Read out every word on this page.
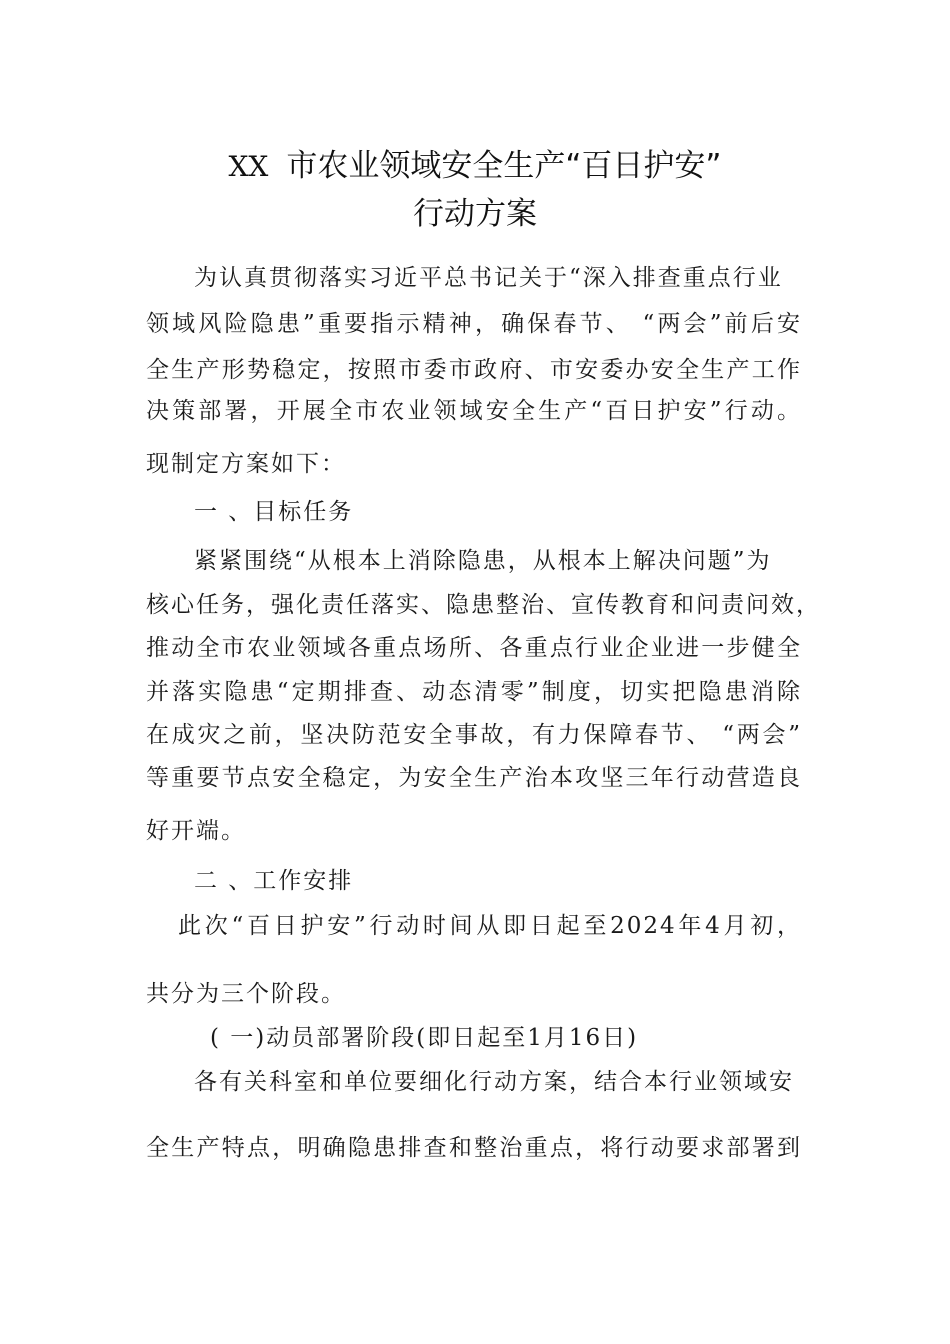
XX 市农业领域安全生产“百日护安”
行动方案
为认真贯彻落实习近平总书记关于“深入排查重点行业
领域风险隐患”重要指示精神，确保春节、 “两会”前后安
全生产形势稳定，按照市委市政府、市安委办安全生产工作
决策部署，开展全市农业领域安全生产“百日护安”行动。
现制定方案如下：
一 、目标任务
紧紧围绕“从根本上消除隐患，从根本上解决问题”为
核心任务，强化责任落实、隐患整治、宣传教育和问责问效，
推动全市农业领域各重点场所、各重点行业企业进一步健全
并落实隐患“定期排查、动态清零”制度，切实把隐患消除
在成灾之前，坚决防范安全事故，有力保障春节、 “两会”
等重要节点安全稳定，为安全生产治本攻坚三年行动营造良
好开端。
二 、工作安排
此次“百日护安”行动时间从即日起至2024年4月初，
共分为三个阶段。
( 一)动员部署阶段(即日起至1月16日)
各有关科室和单位要细化行动方案，结合本行业领域安
全生产特点，明确隐患排查和整治重点，将行动要求部署到
